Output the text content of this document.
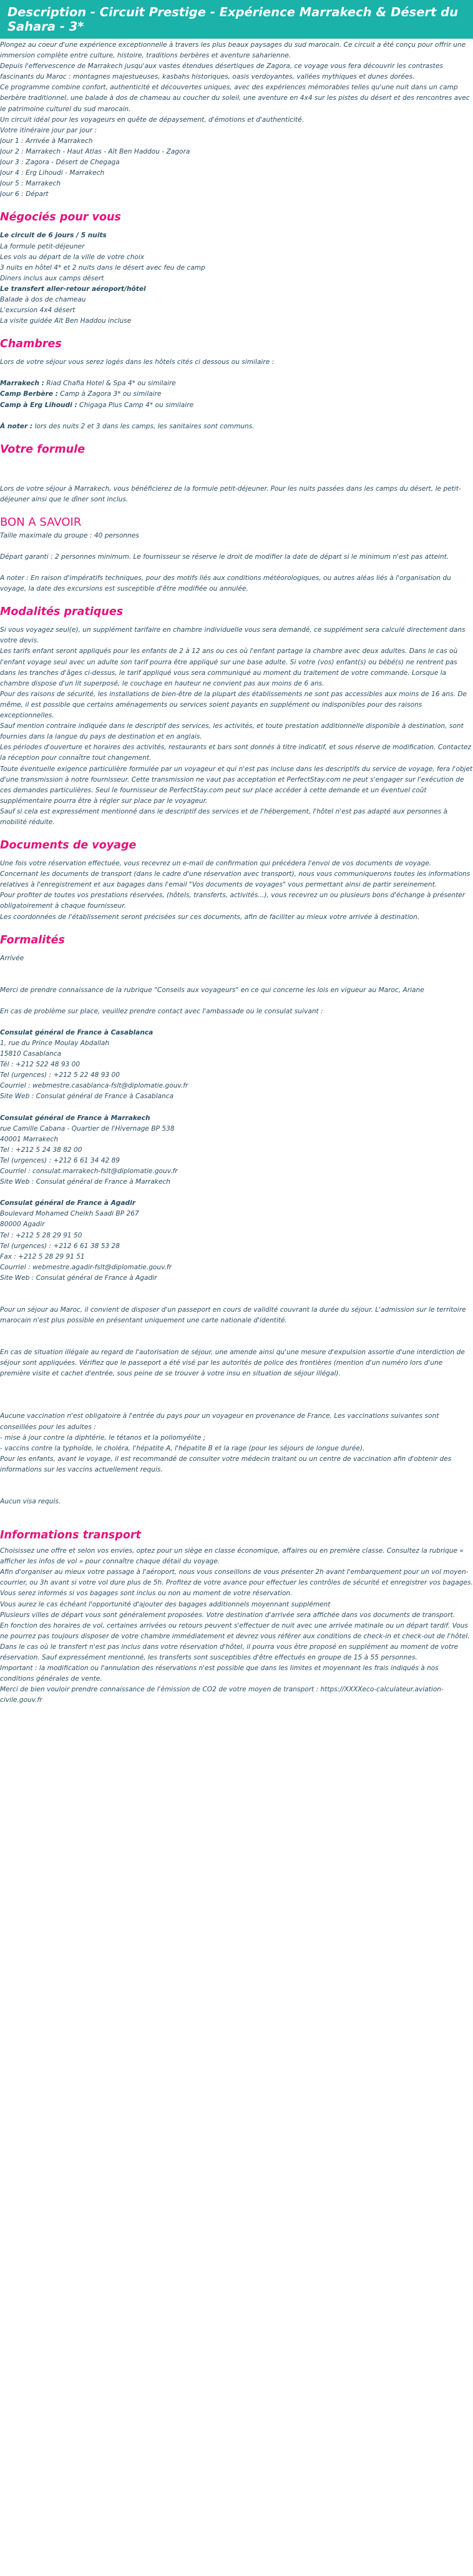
Description - Circuit Prestige - Expérience Marrakech & Désert du Sahara - 3*

Plongez au coeur d'une expérience exceptionnelle à travers les plus beaux paysages du sud marocain. Ce circuit a été conçu pour offrir une immersion complète entre culture, histoire, traditions berbères et aventure saharienne.

Depuis l'effervescence de Marrakech jusqu'aux vastes étendues désertiques de Zagora, ce voyage vous fera découvrir les contrastes fascinants du Maroc : montagnes majestueuses, kasbahs historiques, oasis verdoyantes, vallées mythiques et dunes dorées.

Ce programme combine confort, authenticité et découvertes uniques, avec des expériences mémorables telles qu'une nuit dans un camp berbère traditionnel, une balade à dos de chameau au coucher du soleil, une aventure en 4x4 sur les pistes du désert et des rencontres avec le patrimoine culturel du sud marocain.

Un circuit idéal pour les voyageurs en quête de dépaysement, d'émotions et d'authenticité.

Votre itinéraire jour par jour :

Jour 1 : Arrivée à Marrakech

Jour 2 : Marrakech - Haut Atlas - Aït Ben Haddou - Zagora

Jour 3 : Zagora - Désert de Chegaga

Jour 4 : Erg Lihoudi - Marrakech

Jour 5 : Marrakech

Jour 6 : Départ

Négociés pour vous

Le circuit de 6 jours / 5 nuits

La formule petit-déjeuner

Les vols au départ de la ville de votre choix

3 nuits en hôtel 4* et 2 nuits dans le désert avec feu de camp

Diners inclus aux camps désert

Le transfert aller-retour aéroport/hôtel

Balade à dos de chameau

L'excursion 4x4 désert

La visite guidée Aït Ben Haddou incluse

Chambres

Lors de votre séjour vous serez logés dans les hôtels cités ci dessous ou similaire :

Marrakech : Riad Chafia Hotel & Spa 4* ou similaire

Camp Berbère : Camp à Zagora 3* ou similaire

Camp à Erg Lihoudi : Chigaga Plus Camp 4* ou similaire

À noter : lors des nuits 2 et 3 dans les camps, les sanitaires sont communs.

Votre formule

Lors de votre séjour à Marrakech, vous bénéficierez de la formule petit-déjeuner. Pour les nuits passées dans les camps du désert, le petit-déjeuner ainsi que le dîner sont inclus.

BON A SAVOIR

Taille maximale du groupe : 40 personnes

Départ garanti : 2 personnes minimum. Le fournisseur se réserve le droit de modifier la date de départ si le minimum n'est pas atteint.

A noter : En raison d'impératifs techniques, pour des motifs liés aux conditions météorologiques, ou autres aléas liés à l'organisation du voyage, la date des excursions est susceptible d'être modifiée ou annulée.

Modalités pratiques

Si vous voyagez seul(e), un supplément tarifaire en chambre individuelle vous sera demandé, ce supplément sera calculé directement dans votre devis.
Les tarifs enfant seront appliqués pour les enfants de 2 à 12 ans ou ces où l'enfant partage la chambre avec deux adultes. Dans le cas où l'enfant voyage seul avec un adulte son tarif pourra être appliqué sur une base adulte. Si votre (vos) enfant(s) ou bébé(s) ne rentrent pas dans les tranches d'âges ci-dessus, le tarif appliqué vous sera communiqué au moment du traitement de votre commande. Lorsque la chambre dispose d'un lit superposé, le couchage en hauteur ne convient pas aux moins de 6 ans.
Pour des raisons de sécurité, les installations de bien-être de la plupart des établissements ne sont pas accessibles aux moins de 16 ans. De même, il est possible que certains aménagements ou services soient payants en supplément ou indisponibles pour des raisons exceptionnelles.
Sauf mention contraire indiquée dans le descriptif des services, les activités, et toute prestation additionnelle disponible à destination, sont fournies dans la langue du pays de destination et en anglais.
Les périodes d'ouverture et horaires des activités, restaurants et bars sont donnés à titre indicatif, et sous réserve de modification. Contactez la réception pour connaître tout changement.
Toute éventuelle exigence particulière formulée par un voyageur et qui n'est pas incluse dans les descriptifs du service de voyage, fera l'objet d'une transmission à notre fournisseur. Cette transmission ne vaut pas acceptation et PerfectStay.com ne peut s'engager sur l'exécution de ces demandes particulières. Seul le fournisseur de PerfectStay.com peut sur place accéder à cette demande et un éventuel coût supplémentaire pourra être à régler sur place par le voyageur.
Sauf si cela est expressément mentionné dans le descriptif des services et de l'hébergement, l'hôtel n'est pas adapté aux personnes à mobilité réduite.

Documents de voyage

Une fois votre réservation effectuée, vous recevrez un e-mail de confirmation qui précédera l'envoi de vos documents de voyage.
Concernant les documents de transport (dans le cadre d'une réservation avec transport), nous vous communiquerons toutes les informations relatives à l'enregistrement et aux bagages dans l'email "Vos documents de voyages" vous permettant ainsi de partir sereinement.
Pour profiter de toutes vos prestations réservées, (hôtels, transferts, activités...), vous recevrez un ou plusieurs bons d'échange à présenter obligatoirement à chaque fournisseur.
Les coordonnées de l'établissement seront précisées sur ces documents, afin de faciliter au mieux votre arrivée à destination.

Formalités

Arrivée

Merci de prendre connaissance de la rubrique "Conseils aux voyageurs" en ce qui concerne les lois en vigueur au Maroc, Ariane

En cas de problème sur place, veuillez prendre contact avec l'ambassade ou le consulat suivant :

Consulat général de France à Casablanca

1, rue du Prince Moulay Abdallah

15810 Casablanca

Tél : +212 522 48 93 00

Tel (urgences) : +212 5 22 48 93 00

Courriel : webmestre.casablanca-fslt@diplomatie.gouv.fr

Site Web : Consulat général de France à Casablanca

Consulat général de France à Marrakech

rue Camille Cabana - Quartier de l'Hivernage BP 538

40001 Marrakech

Tel : +212 5 24 38 82 00

Tel (urgences) : +212 6 61 34 42 89

Courriel : consulat.marrakech-fslt@diplomatie.gouv.fr

Site Web : Consulat général de France à Marrakech

Consulat général de France à Agadir

Boulevard Mohamed Cheikh Saadi BP 267

80000 Agadir

Tel : +212 5 28 29 91 50

Tel (urgences) : +212 6 61 38 53 28

Fax : +212 5 28 29 91 51

Courriel : webmestre.agadir-fslt@diplomatie.gouv.fr

Site Web : Consulat général de France à Agadir

Pour un séjour au Maroc, il convient de disposer d'un passeport en cours de validité couvrant la durée du séjour. L'admission sur le territoire marocain n'est plus possible en présentant uniquement une carte nationale d'identité.

En cas de situation illégale au regard de l'autorisation de séjour, une amende ainsi qu'une mesure d'expulsion assortie d'une interdiction de séjour sont appliquées. Vérifiez que le passeport a été visé par les autorités de police des frontières (mention d'un numéro lors d'une première visite et cachet d'entrée, sous peine de se trouver à votre insu en situation de séjour illégal).

Aucune vaccination n'est obligatoire à l'entrée du pays pour un voyageur en provenance de France. Les vaccinations suivantes sont conseillées pour les adultes :
- mise à jour contre la diphtérie, le tétanos et la poliomyélite ;
- vaccins contre la typhoïde, le choléra, l'hépatite A, l'hépatite B et la rage (pour les séjours de longue durée).
Pour les enfants, avant le voyage, il est recommandé de consulter votre médecin traitant ou un centre de vaccination afin d'obtenir des informations sur les vaccins actuellement requis.

Aucun visa requis.

Informations transport

Choisissez une offre et selon vos envies, optez pour un siège en classe économique, affaires ou en première classe. Consultez la rubrique « afficher les infos de vol » pour connaître chaque détail du voyage.
Afin d'organiser au mieux votre passage à l'aéroport, nous vous conseillons de vous présenter 2h avant l'embarquement pour un vol moyen-courrier, ou 3h avant si votre vol dure plus de 5h. Profitez de votre avance pour effectuer les contrôles de sécurité et enregistrer vos bagages.
Vous serez informés si vos bagages sont inclus ou non au moment de votre réservation.
Vous aurez le cas échéant l'opportunité d'ajouter des bagages additionnels moyennant supplément
Plusieurs villes de départ vous sont généralement proposées. Votre destination d'arrivée sera affichée dans vos documents de transport.
En fonction des horaires de vol, certaines arrivées ou retours peuvent s'effectuer de nuit avec une arrivée matinale ou un départ tardif. Vous ne pourrez pas toujours disposer de votre chambre immédiatement et devrez vous référer aux conditions de check-in et check-out de l'hôtel.
Dans le cas où le transfert n'est pas inclus dans votre réservation d'hôtel, il pourra vous être proposé en supplément au moment de votre réservation. Sauf expressément mentionné, les transferts sont susceptibles d'être effectués en groupe de 15 à 55 personnes.
Important : la modification ou l'annulation des réservations n'est possible que dans les limites et moyennant les frais indiqués à nos conditions générales de vente.
Merci de bien vouloir prendre connaissance de l'émission de CO2 de votre moyen de transport : https://XXXXeco-calculateur.aviation-civile.gouv.fr
